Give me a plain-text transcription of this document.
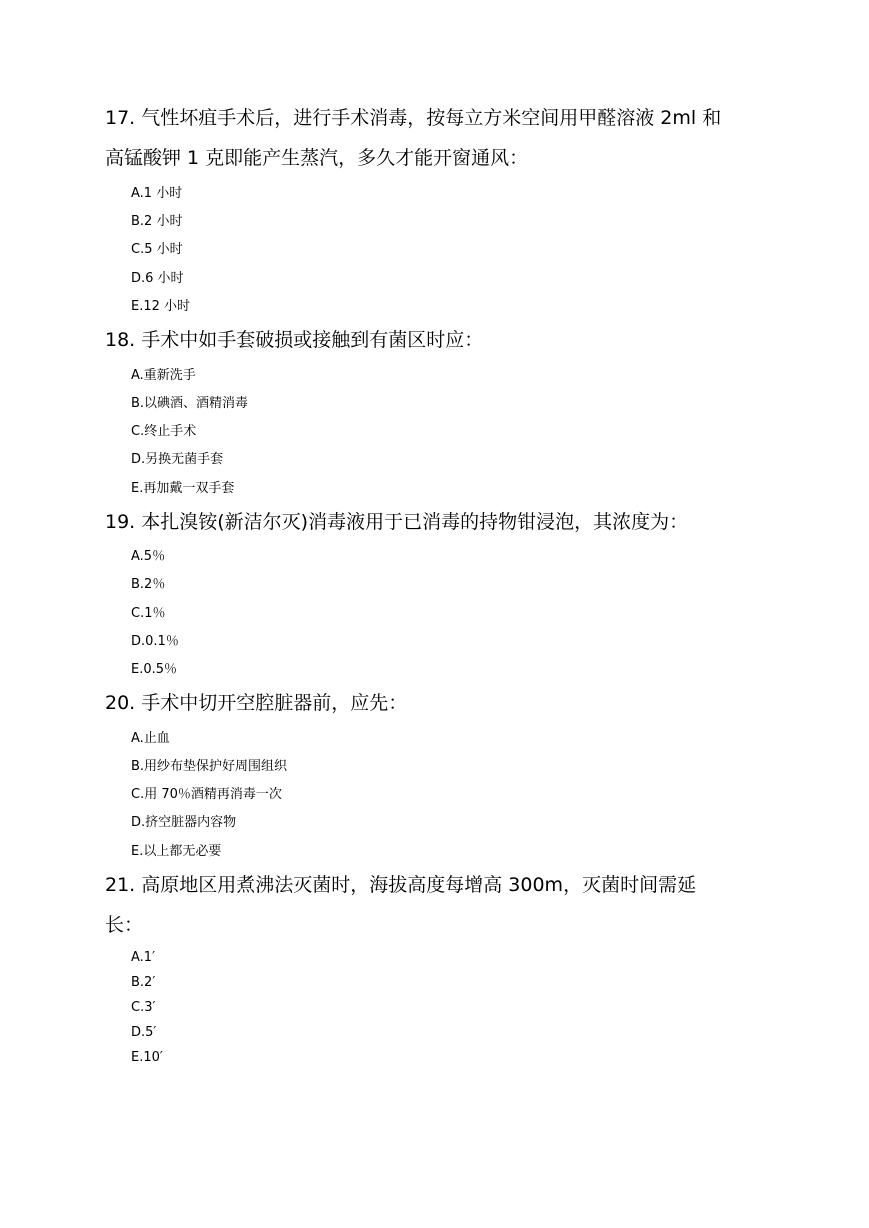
17. 气性坏疽手术后，进行手术消毒，按每立方米空间用甲醛溶液 2ml 和
高锰酸钾 1 克即能产生蒸汽，多久才能开窗通风：
A.1 小时
B.2 小时
C.5 小时
D.6 小时
E.12 小时
18. 手术中如手套破损或接触到有菌区时应：
A.重新洗手
B.以碘酒、酒精消毒
C.终止手术
D.另换无菌手套
E.再加戴一双手套
19. 本扎溴铵(新洁尔灭)消毒液用于已消毒的持物钳浸泡，其浓度为：
A.5％
B.2％
C.1％
D.0.1％
E.0.5％
20. 手术中切开空腔脏器前，应先：
A.止血
B.用纱布垫保护好周围组织
C.用 70％酒精再消毒一次
D.挤空脏器内容物
E.以上都无必要
21. 高原地区用煮沸法灭菌时，海拔高度每增高 300m，灭菌时间需延
长：
A.1′
B.2′
C.3′
D.5′
E.10′
